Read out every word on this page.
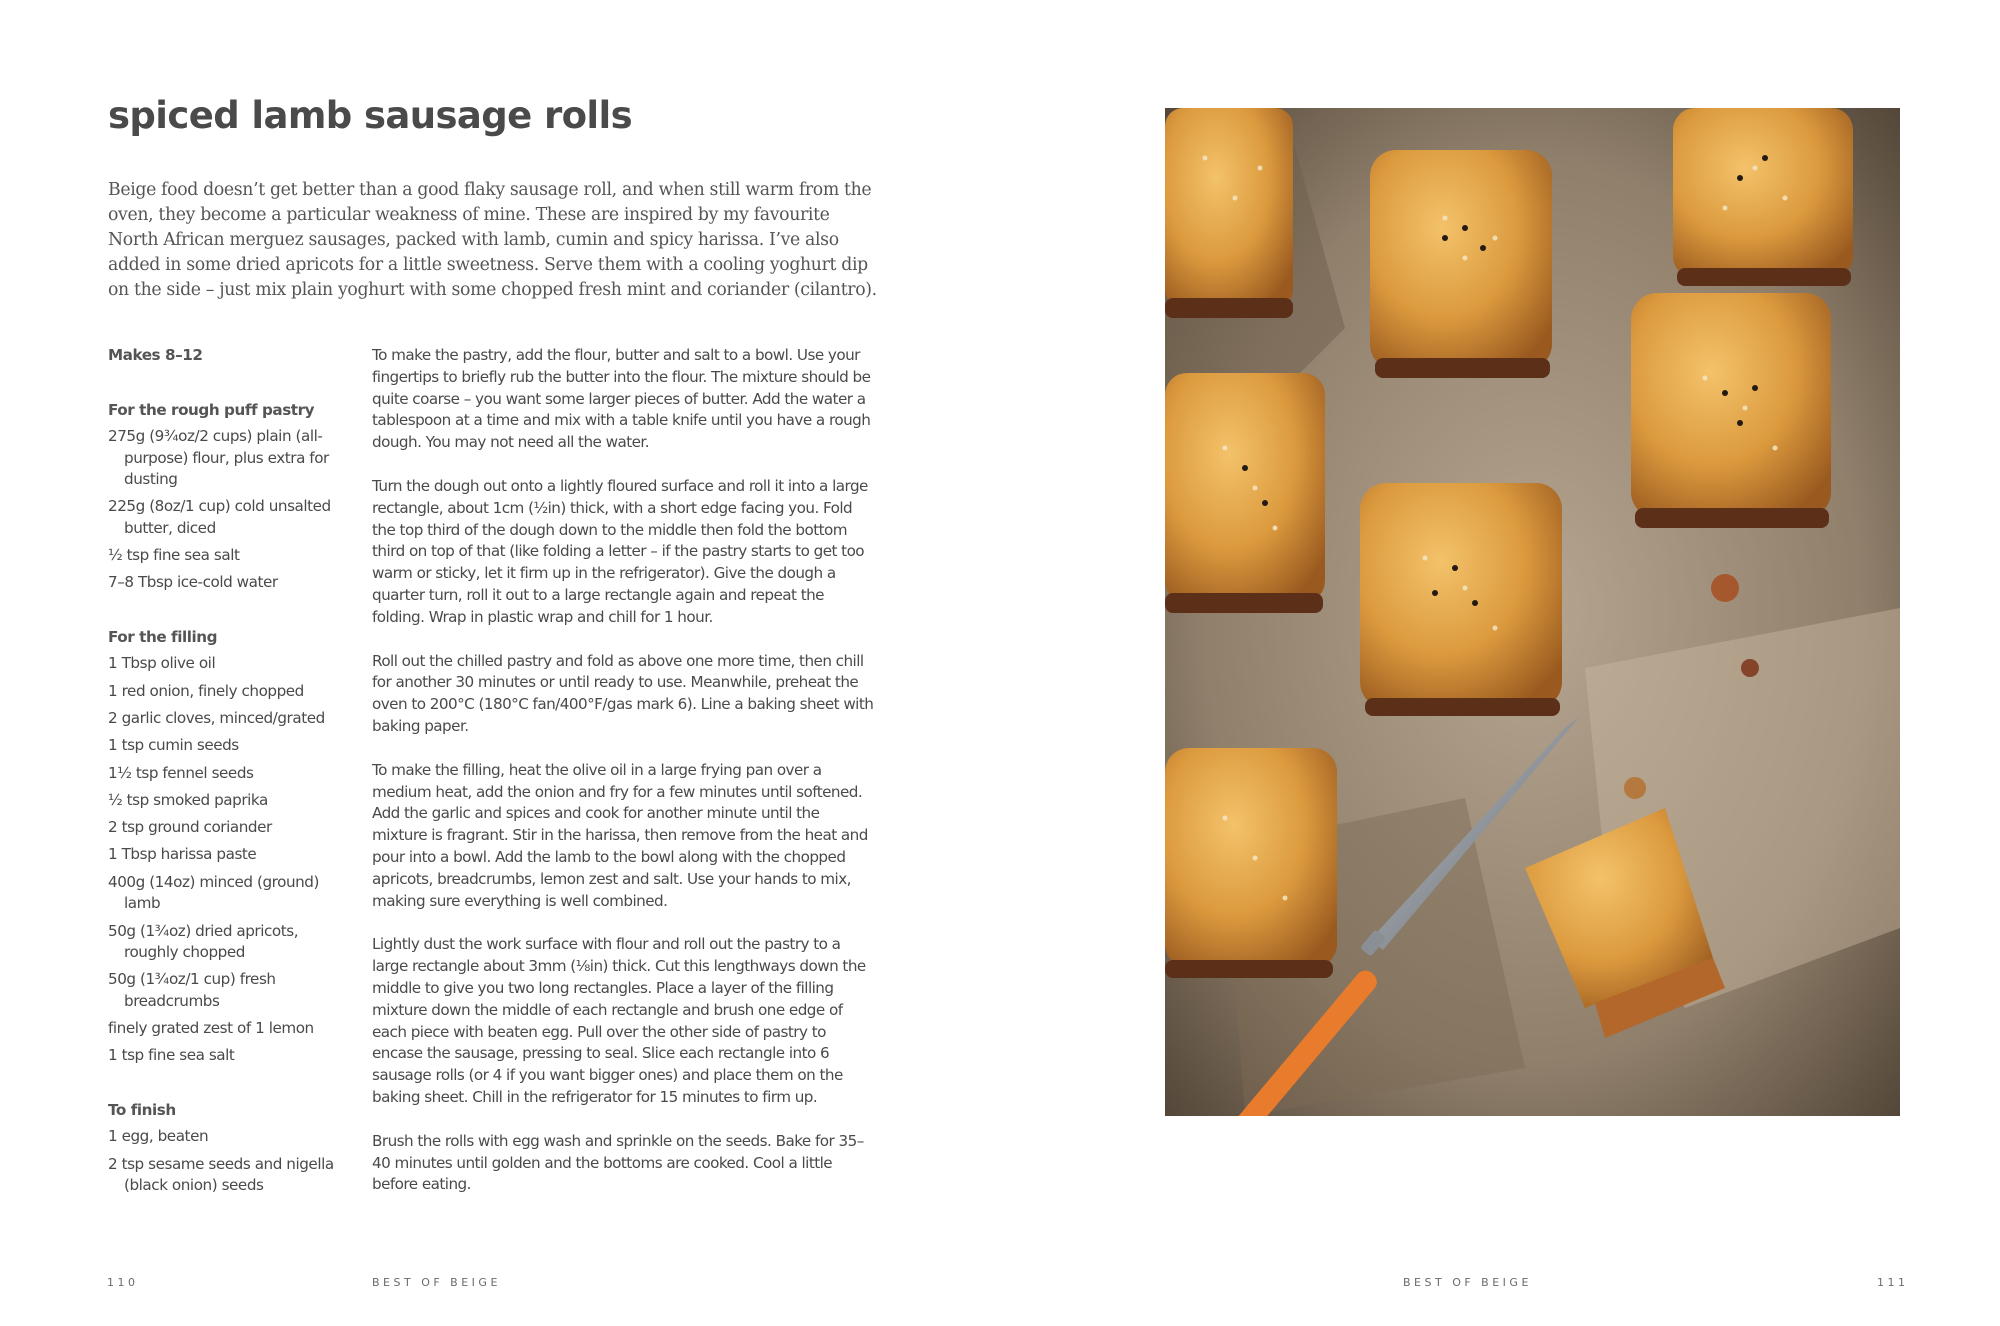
spiced lamb sausage rolls

Beige food doesn’t get better than a good flaky sausage roll, and when still warm from the oven, they become a particular weakness of mine. These are inspired by my favourite North African merguez sausages, packed with lamb, cumin and spicy harissa. I’ve also added in some dried apricots for a little sweetness. Serve them with a cooling yoghurt dip on the side – just mix plain yoghurt with some chopped fresh mint and coriander (cilantro).

Makes 8–12

For the rough puff pastry

275g (9¾oz/2 cups) plain (all-purpose) flour, plus extra for dusting

225g (8oz/1 cup) cold unsalted butter, diced

½ tsp fine sea salt

7–8 Tbsp ice-cold water

For the filling

1 Tbsp olive oil

1 red onion, finely chopped

2 garlic cloves, minced/grated

1 tsp cumin seeds

1½ tsp fennel seeds

½ tsp smoked paprika

2 tsp ground coriander

1 Tbsp harissa paste

400g (14oz) minced (ground) lamb

50g (1¾oz) dried apricots, roughly chopped

50g (1¾oz/1 cup) fresh breadcrumbs

finely grated zest of 1 lemon

1 tsp fine sea salt

To finish

1 egg, beaten

2 tsp sesame seeds and nigella (black onion) seeds

To make the pastry, add the flour, butter and salt to a bowl. Use your fingertips to briefly rub the butter into the flour. The mixture should be quite coarse – you want some larger pieces of butter. Add the water a tablespoon at a time and mix with a table knife until you have a rough dough. You may not need all the water.

Turn the dough out onto a lightly floured surface and roll it into a large rectangle, about 1cm (½in) thick, with a short edge facing you. Fold the top third of the dough down to the middle then fold the bottom third on top of that (like folding a letter – if the pastry starts to get too warm or sticky, let it firm up in the refrigerator). Give the dough a quarter turn, roll it out to a large rectangle again and repeat the folding. Wrap in plastic wrap and chill for 1 hour.

Roll out the chilled pastry and fold as above one more time, then chill for another 30 minutes or until ready to use. Meanwhile, preheat the oven to 200°C (180°C fan/400°F/gas mark 6). Line a baking sheet with baking paper.

To make the filling, heat the olive oil in a large frying pan over a medium heat, add the onion and fry for a few minutes until softened. Add the garlic and spices and cook for another minute until the mixture is fragrant. Stir in the harissa, then remove from the heat and pour into a bowl. Add the lamb to the bowl along with the chopped apricots, breadcrumbs, lemon zest and salt. Use your hands to mix, making sure everything is well combined.

Lightly dust the work surface with flour and roll out the pastry to a large rectangle about 3mm (⅛in) thick. Cut this lengthways down the middle to give you two long rectangles. Place a layer of the filling mixture down the middle of each rectangle and brush one edge of each piece with beaten egg. Pull over the other side of pastry to encase the sausage, pressing to seal. Slice each rectangle into 6 sausage rolls (or 4 if you want bigger ones) and place them on the baking sheet. Chill in the refrigerator for 15 minutes to firm up.

Brush the rolls with egg wash and sprinkle on the seeds. Bake for 35–40 minutes until golden and the bottoms are cooked. Cool a little before eating.

110	BEST OF BEIGE	BEST OF BEIGE	111
